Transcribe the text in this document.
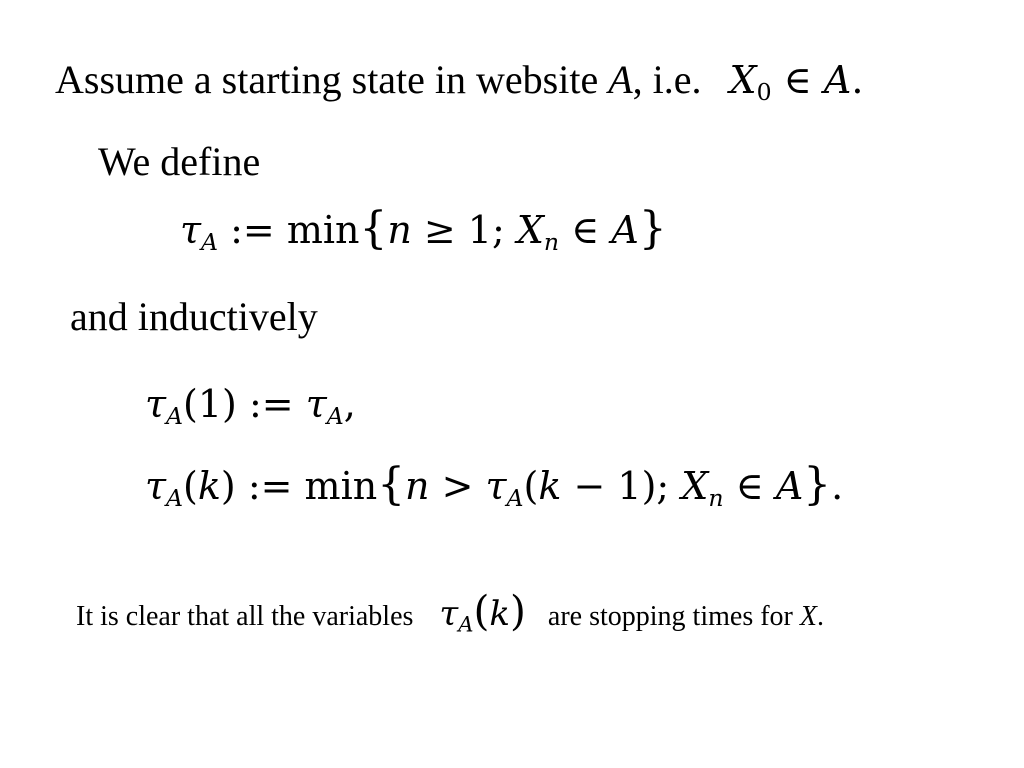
Assume a starting state in website A, i.e. $X_0$ ∈ A.
We define
$\tau_A$ := min{n ≥ 1; $X_n$ ∈ A}
and inductively
$\tau_A(1)$ := $\tau_A$,
$\tau_A(k)$ := $\min\{n > \tau_A(k - 1)$; $X_n$ ∈ A}.
It is clear that all the variables $\tau_A(k)$ are stopping times for X.
